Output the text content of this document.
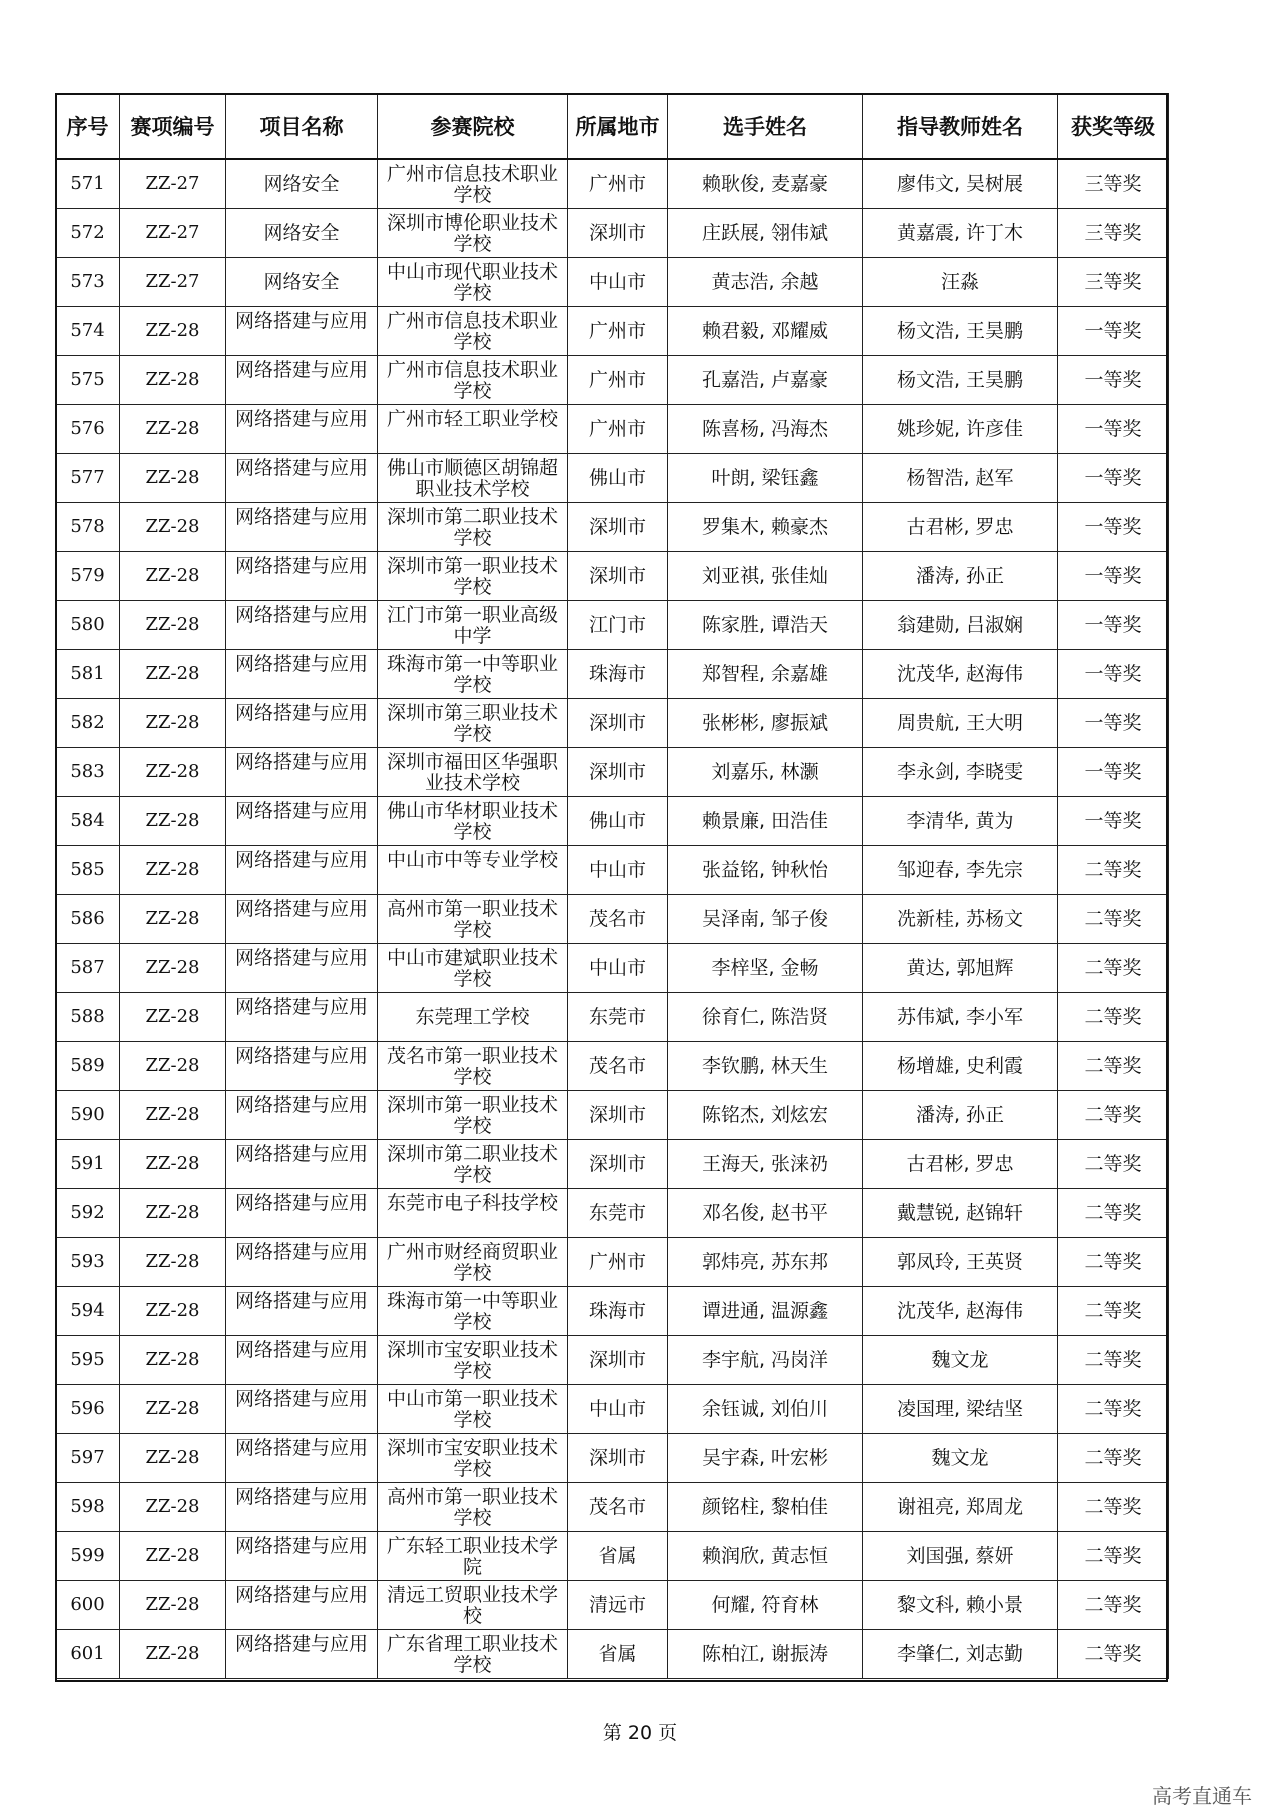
序号	赛项编号	项目名称	参赛院校	所属地市	选手姓名	指导教师姓名	获奖等级
571	ZZ-27	网络安全	广州市信息技术职业学校	广州市	赖耿俊, 麦嘉豪	廖伟文, 吴树展	三等奖
572	ZZ-27	网络安全	深圳市博伦职业技术学校	深圳市	庄跃展, 翎伟斌	黄嘉震, 许丁木	三等奖
573	ZZ-27	网络安全	中山市现代职业技术学校	中山市	黄志浩, 余越	汪淼	三等奖
574	ZZ-28	网络搭建与应用	广州市信息技术职业学校	广州市	赖君毅, 邓耀威	杨文浩, 王昊鹏	一等奖
575	ZZ-28	网络搭建与应用	广州市信息技术职业学校	广州市	孔嘉浩, 卢嘉豪	杨文浩, 王昊鹏	一等奖
576	ZZ-28	网络搭建与应用	广州市轻工职业学校	广州市	陈喜杨, 冯海杰	姚珍妮, 许彦佳	一等奖
577	ZZ-28	网络搭建与应用	佛山市顺德区胡锦超职业技术学校	佛山市	叶朗, 梁钰鑫	杨智浩, 赵军	一等奖
578	ZZ-28	网络搭建与应用	深圳市第二职业技术学校	深圳市	罗集木, 赖豪杰	古君彬, 罗忠	一等奖
579	ZZ-28	网络搭建与应用	深圳市第一职业技术学校	深圳市	刘亚祺, 张佳灿	潘涛, 孙正	一等奖
580	ZZ-28	网络搭建与应用	江门市第一职业高级中学	江门市	陈家胜, 谭浩天	翁建勋, 吕淑娴	一等奖
581	ZZ-28	网络搭建与应用	珠海市第一中等职业学校	珠海市	郑智程, 余嘉雄	沈茂华, 赵海伟	一等奖
582	ZZ-28	网络搭建与应用	深圳市第三职业技术学校	深圳市	张彬彬, 廖振斌	周贵航, 王大明	一等奖
583	ZZ-28	网络搭建与应用	深圳市福田区华强职业技术学校	深圳市	刘嘉乐, 林灏	李永剑, 李晓雯	一等奖
584	ZZ-28	网络搭建与应用	佛山市华材职业技术学校	佛山市	赖景廉, 田浩佳	李清华, 黄为	一等奖
585	ZZ-28	网络搭建与应用	中山市中等专业学校	中山市	张益铭, 钟秋怡	邹迎春, 李先宗	二等奖
586	ZZ-28	网络搭建与应用	高州市第一职业技术学校	茂名市	吴泽南, 邹子俊	冼新桂, 苏杨文	二等奖
587	ZZ-28	网络搭建与应用	中山市建斌职业技术学校	中山市	李梓坚, 金畅	黄达, 郭旭辉	二等奖
588	ZZ-28	网络搭建与应用	东莞理工学校	东莞市	徐育仁, 陈浩贤	苏伟斌, 李小军	二等奖
589	ZZ-28	网络搭建与应用	茂名市第一职业技术学校	茂名市	李钦鹏, 林天生	杨增雄, 史利霞	二等奖
590	ZZ-28	网络搭建与应用	深圳市第一职业技术学校	深圳市	陈铭杰, 刘炫宏	潘涛, 孙正	二等奖
591	ZZ-28	网络搭建与应用	深圳市第二职业技术学校	深圳市	王海天, 张涞礽	古君彬, 罗忠	二等奖
592	ZZ-28	网络搭建与应用	东莞市电子科技学校	东莞市	邓名俊, 赵书平	戴慧锐, 赵锦轩	二等奖
593	ZZ-28	网络搭建与应用	广州市财经商贸职业学校	广州市	郭炜亮, 苏东邦	郭凤玲, 王英贤	二等奖
594	ZZ-28	网络搭建与应用	珠海市第一中等职业学校	珠海市	谭进通, 温源鑫	沈茂华, 赵海伟	二等奖
595	ZZ-28	网络搭建与应用	深圳市宝安职业技术学校	深圳市	李宇航, 冯岗洋	魏文龙	二等奖
596	ZZ-28	网络搭建与应用	中山市第一职业技术学校	中山市	余钰诚, 刘伯川	凌国理, 梁结坚	二等奖
597	ZZ-28	网络搭建与应用	深圳市宝安职业技术学校	深圳市	吴宇森, 叶宏彬	魏文龙	二等奖
598	ZZ-28	网络搭建与应用	高州市第一职业技术学校	茂名市	颜铭柱, 黎柏佳	谢祖亮, 郑周龙	二等奖
599	ZZ-28	网络搭建与应用	广东轻工职业技术学院	省属	赖润欣, 黄志恒	刘国强, 蔡妍	二等奖
600	ZZ-28	网络搭建与应用	清远工贸职业技术学校	清远市	何耀, 符育林	黎文科, 赖小景	二等奖
601	ZZ-28	网络搭建与应用	广东省理工职业技术学校	省属	陈柏江, 谢振涛	李肇仁, 刘志勤	二等奖
第 20 页
高考直通车
